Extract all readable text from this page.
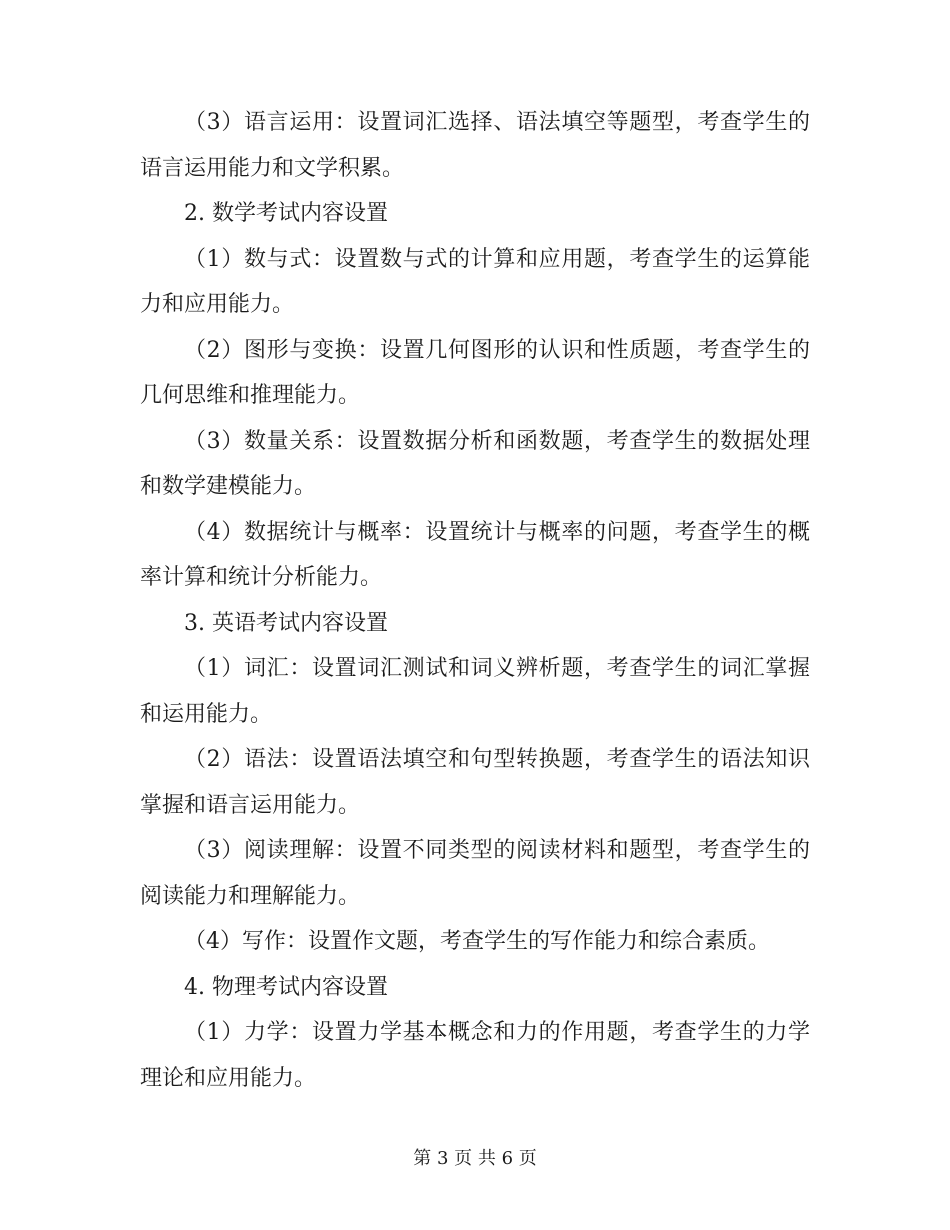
（3）语言运用：设置词汇选择、语法填空等题型，考查学生的语言运用能力和文学积累。

2. 数学考试内容设置

（1）数与式：设置数与式的计算和应用题，考查学生的运算能力和应用能力。

（2）图形与变换：设置几何图形的认识和性质题，考查学生的几何思维和推理能力。

（3）数量关系：设置数据分析和函数题，考查学生的数据处理和数学建模能力。

（4）数据统计与概率：设置统计与概率的问题，考查学生的概率计算和统计分析能力。

3. 英语考试内容设置

（1）词汇：设置词汇测试和词义辨析题，考查学生的词汇掌握和运用能力。

（2）语法：设置语法填空和句型转换题，考查学生的语法知识掌握和语言运用能力。

（3）阅读理解：设置不同类型的阅读材料和题型，考查学生的阅读能力和理解能力。

（4）写作：设置作文题，考查学生的写作能力和综合素质。

4. 物理考试内容设置

（1）力学：设置力学基本概念和力的作用题，考查学生的力学理论和应用能力。

第 3 页 共 6 页
